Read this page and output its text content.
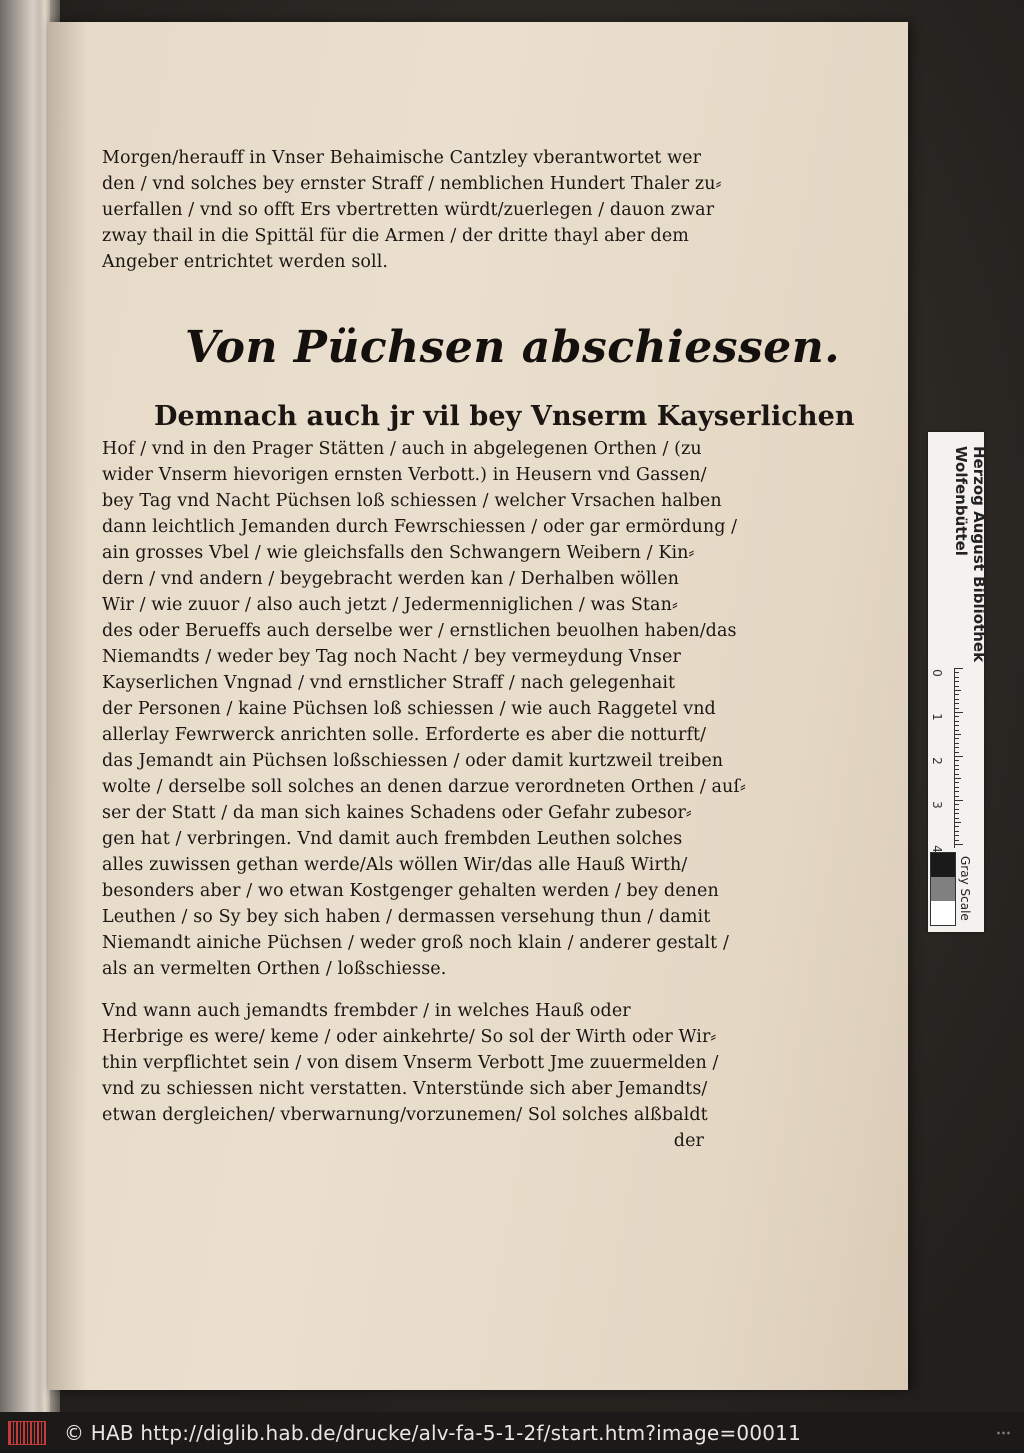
Morgen/herauff in Vnser Behaimische Cantzley vberantwortet wer
den / vnd solches bey ernster Straff / nemblichen Hundert Thaler zu⸗
uerfallen / vnd so offt Ers vbertretten würdt/zuerlegen / dauon zwar
zway thail in die Spittäl für die Armen / der dritte thayl aber dem
Angeber entrichtet werden soll.
Von Püchsen abschiessen.
Demnach auch jr vil bey Vnserm Kayserlichen
Hof / vnd in den Prager Stätten / auch in abgelegenen Orthen / (zu
wider Vnserm hievorigen ernsten Verbott.) in Heusern vnd Gassen/
bey Tag vnd Nacht Püchsen loß schiessen / welcher Vrsachen halben
dann leichtlich Jemanden durch Fewrschiessen / oder gar ermördung /
ain grosses Vbel / wie gleichsfalls den Schwangern Weibern / Kin⸗
dern / vnd andern / beygebracht werden kan / Derhalben wöllen
Wir / wie zuuor / also auch jetzt / Jedermenniglichen / was Stan⸗
des oder Berueffs auch derselbe wer / ernstlichen beuolhen haben/das
Niemandts / weder bey Tag noch Nacht / bey vermeydung Vnser
Kayserlichen Vngnad / vnd ernstlicher Straff / nach gelegenhait
der Personen / kaine Püchsen loß schiessen / wie auch Raggetel vnd
allerlay Fewrwerck anrichten solle. Erforderte es aber die notturft/
das Jemandt ain Püchsen loßschiessen / oder damit kurtzweil treiben
wolte / derselbe soll solches an denen darzue verordneten Orthen / auſ⸗
ser der Statt / da man sich kaines Schadens oder Gefahr zubesor⸗
gen hat / verbringen. Vnd damit auch frembden Leuthen solches
alles zuwissen gethan werde/Als wöllen Wir/das alle Hauß Wirth/
besonders aber / wo etwan Kostgenger gehalten werden / bey denen
Leuthen / so Sy bey sich haben / dermassen versehung thun / damit
Niemandt ainiche Püchsen / weder groß noch klain / anderer gestalt /
als an vermelten Orthen / loßschiesse.
Vnd wann auch jemandts frembder / in welches Hauß oder
Herbrige es were/ keme / oder ainkehrte/ So sol der Wirth oder Wir⸗
thin verpflichtet sein / von disem Vnserm Verbott Jme zuuermelden /
vnd zu schiessen nicht verstatten. Vnterstünde sich aber Jemandts/
etwan dergleichen/ vberwarnung/vorzunemen/ Sol solches alßbaldt
der
Herzog August Bibliothek
Wolfenbüttel
0
1
2
3
4
Gray Scale
© HAB http://diglib.hab.de/drucke/alv-fa-5-1-2f/start.htm?image=00011
